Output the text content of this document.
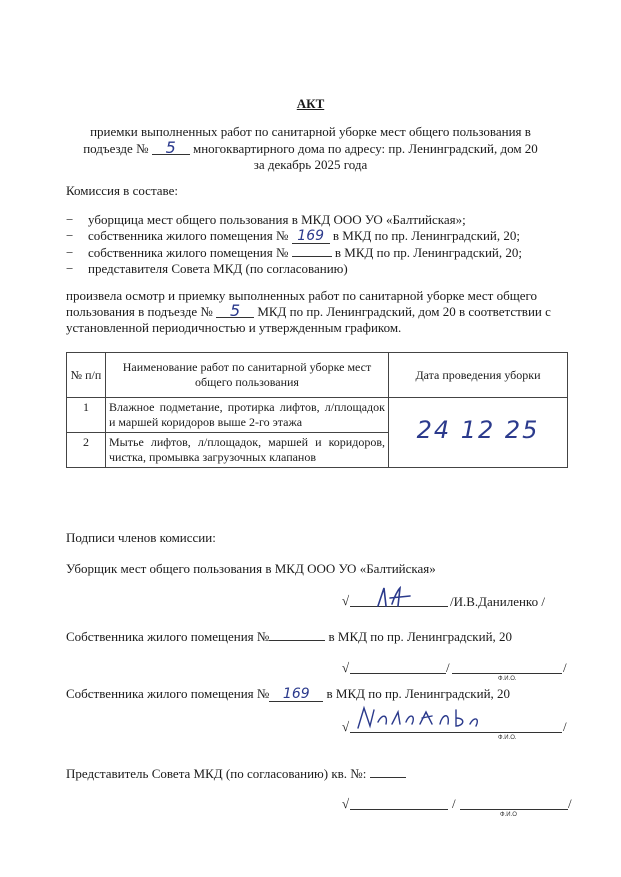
АКТ
приемки выполненных работ по санитарной уборке мест общего пользования в
подъезде № 5 многоквартирного дома по адресу: пр. Ленинградский, дом 20
за декабрь 2025 года
Комиссия в составе:
− уборщица мест общего пользования в МКД ООО УО «Балтийская»;
− собственника жилого помещения № 169 в МКД по пр. Ленинградский, 20;
− собственника жилого помещения №	в МКД по пр. Ленинградский, 20;
− представителя Совета МКД (по согласованию)
произвела осмотр и приемку выполненных работ по санитарной уборке мест общего
пользования в подъезде № 5 МКД по пр. Ленинградский, дом 20 в соответствии с
установленной периодичностью и утвержденным графиком.
№ п/п	Наименование работ по санитарной уборке мест общего пользования	Дата проведения уборки
1	Влажное подметание, протирка лифтов, л/площадок и маршей коридоров выше 2-го этажа	24 12 25
2	Мытье лифтов, л/площадок, маршей и коридоров, чистка, промывка загрузочных клапанов	
Подписи членов комиссии:
Уборщик мест общего пользования в МКД ООО УО «Балтийская»
√	/И.В.Даниленко /
Собственника жилого помещения №	в МКД по пр. Ленинградский, 20
√	/	/
Ф.И.О.
Собственника жилого помещения № 169 в МКД по пр. Ленинградский, 20
√	/
Ф.И.О.
Представитель Совета МКД (по согласованию) кв. №:
√	/	/
Ф.И.О
